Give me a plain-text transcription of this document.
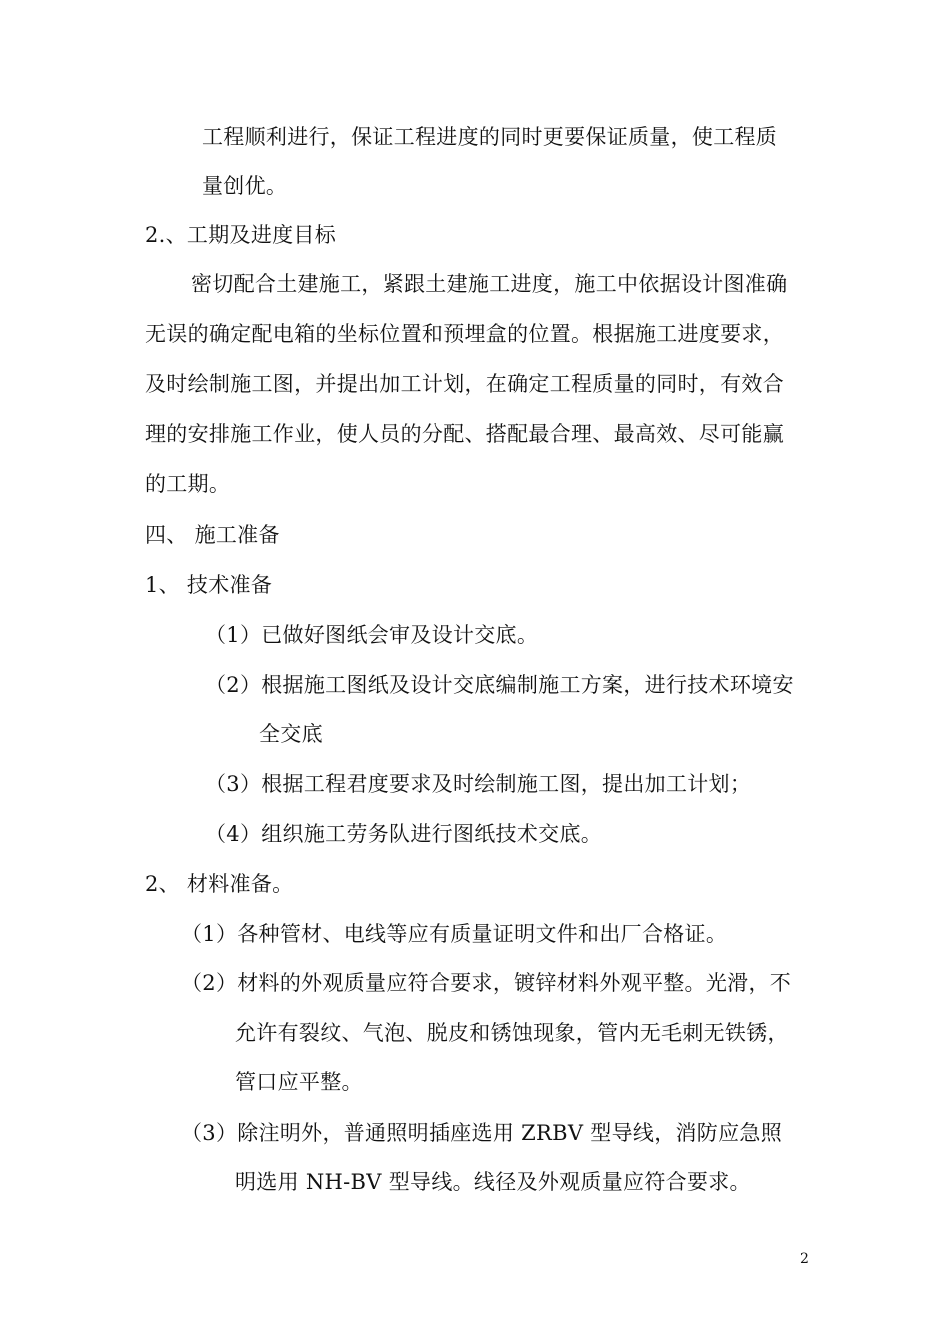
工程顺利进行，保证工程进度的同时更要保证质量，使工程质
量创优。
2.、工期及进度目标
密切配合土建施工，紧跟土建施工进度，施工中依据设计图准确
无误的确定配电箱的坐标位置和预埋盒的位置。根据施工进度要求，
及时绘制施工图，并提出加工计划，在确定工程质量的同时，有效合
理的安排施工作业，使人员的分配、搭配最合理、最高效、尽可能赢
的工期。
四、 施工准备
1、 技术准备
（1）已做好图纸会审及设计交底。
（2）根据施工图纸及设计交底编制施工方案，进行技术环境安
全交底
（3）根据工程君度要求及时绘制施工图，提出加工计划；
（4）组织施工劳务队进行图纸技术交底。
2、 材料准备。
（1）各种管材、电线等应有质量证明文件和出厂合格证。
（2）材料的外观质量应符合要求，镀锌材料外观平整。光滑，不
允许有裂纹、气泡、脱皮和锈蚀现象，管内无毛刺无铁锈，
管口应平整。
（3）除注明外，普通照明插座选用 ZRBV 型导线，消防应急照
明选用 NH-BV 型导线。线径及外观质量应符合要求。
2
